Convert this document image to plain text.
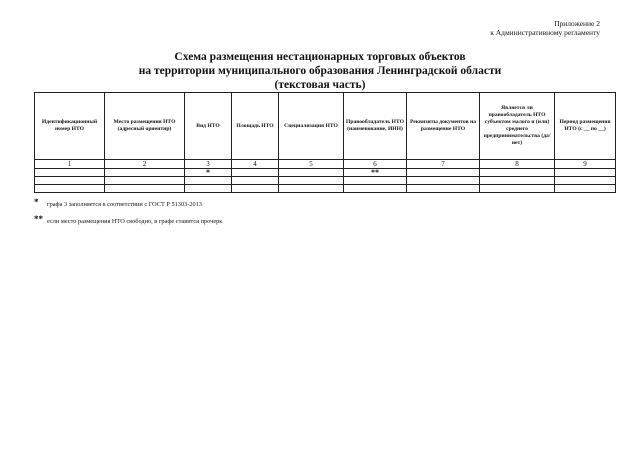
Приложение 2
к Административному регламенту
Схема размещения нестационарных торговых объектов
на территории муниципального образования Ленинградской области
(текстовая часть)
Идентификационный номер НТО	Место размещения НТО (адресный ориентир)	Вид НТО	Площадь НТО	Специализация НТО	Правообладатель НТО (наименование, ИНН)	Реквизиты документов на размещение НТО	Является ли правообладатель НТО субъектом малого и (или) среднего предпринимательства (да/нет)	Период размещения НТО (с __ по __)
1	2	3	4	5	6	7	8	9
		*			**			

*	графа 3 заполняется в соответствии с ГОСТ Р 51303-2013
** если место размещения НТО свободно, в графе ставится прочерк
